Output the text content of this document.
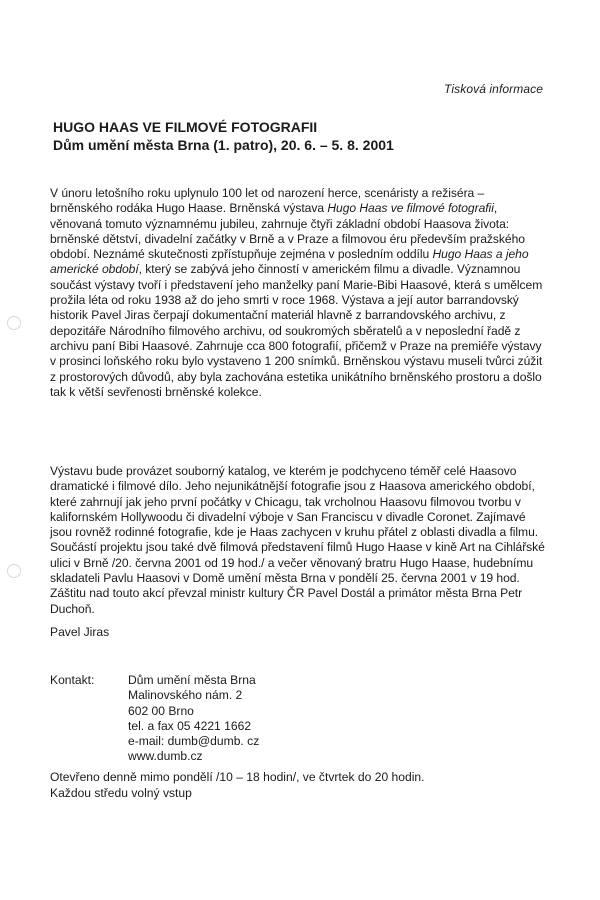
Tisková informace
HUGO HAAS VE FILMOVÉ FOTOGRAFII
Dům umění města Brna (1. patro), 20. 6. – 5. 8. 2001

V únoru letošního roku uplynulo 100 let od narození herce, scenáristy a režiséra – brněnského rodáka Hugo Haase. Brněnská výstava Hugo Haas ve filmové fotografii, věnovaná tomuto významnému jubileu, zahrnuje čtyři základní období Haasova života: brněnské dětství, divadelní začátky v Brně a v Praze a filmovou éru především pražského období. Neznámé skutečnosti zpřístupňuje zejména v posledním oddílu Hugo Haas a jeho americké období, který se zabývá jeho činností v americkém filmu a divadle. Významnou součást výstavy tvoří i představení jeho manželky paní Marie-Bibi Haasové, která s umělcem prožila léta od roku 1938 až do jeho smrti v roce 1968. Výstava a její autor barrandovský historik Pavel Jiras čerpají dokumentační materiál hlavně z barrandovského archivu, z depozitáře Národního filmového archivu, od soukromých sběratelů a v neposlední řadě z archivu paní Bibi Haasové. Zahrnuje cca 800 fotografií, přičemž v Praze na premiéře výstavy v prosinci loňského roku bylo vystaveno 1 200 snímků. Brněnskou výstavu museli tvůrci zúžit z prostorových důvodů, aby byla zachována estetika unikátního brněnského prostoru a došlo tak k větší sevřenosti brněnské kolekce.

Výstavu bude provázet souborný katalog, ve kterém je podchyceno téměř celé Haasovo dramatické i filmové dílo. Jeho nejunikátnější fotografie jsou z Haasova amerického období, které zahrnují jak jeho první počátky v Chicagu, tak vrcholnou Haasovu filmovou tvorbu v kalifornském Hollywoodu či divadelní výboje v San Franciscu v divadle Coronet. Zajímavé jsou rovněž rodinné fotografie, kde je Haas zachycen v kruhu přátel z oblasti divadla a filmu. Součástí projektu jsou také dvě filmová představení filmů Hugo Haase v kině Art na Cihlářské ulici v Brně /20. června 2001 od 19 hod./ a večer věnovaný bratru Hugo Haase, hudebnímu skladateli Pavlu Haasovi v Domě umění města Brna v pondělí 25. června 2001 v 19 hod. Záštitu nad touto akcí převzal ministr kultury ČR Pavel Dostál a primátor města Brna Petr Duchoň.

Pavel Jiras
Kontakt:	Dům umění města Brna
Malinovského nám. 2
602 00 Brno
tel. a fax 05 4221 1662
e-mail: dumb@dumb. cz
www.dumb.cz
Otevřeno denně mimo pondělí /10 – 18 hodin/, ve čtvrtek do 20 hodin.
Každou středu volný vstup
